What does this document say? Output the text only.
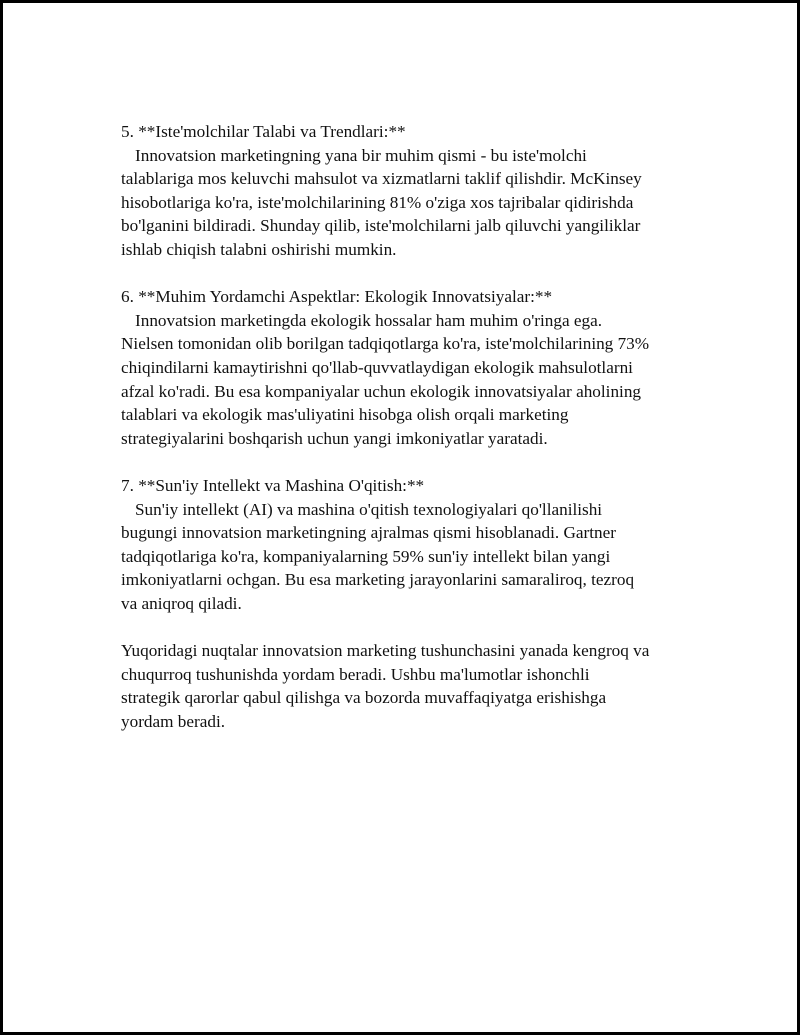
5. **Iste'molchilar Talabi va Trendlari:**
Innovatsion marketingning yana bir muhim qismi - bu iste'molchi
talablariga mos keluvchi mahsulot va xizmatlarni taklif qilishdir. McKinsey
hisobotlariga ko'ra, iste'molchilarining 81% o'ziga xos tajribalar qidirishda
bo'lganini bildiradi. Shunday qilib, iste'molchilarni jalb qiluvchi yangiliklar
ishlab chiqish talabni oshirishi mumkin.
6. **Muhim Yordamchi Aspektlar: Ekologik Innovatsiyalar:**
Innovatsion marketingda ekologik hossalar ham muhim o'ringa ega.
Nielsen tomonidan olib borilgan tadqiqotlarga ko'ra, iste'molchilarining 73%
chiqindilarni kamaytirishni qo'llab-quvvatlaydigan ekologik mahsulotlarni
afzal ko'radi. Bu esa kompaniyalar uchun ekologik innovatsiyalar aholining
talablari va ekologik mas'uliyatini hisobga olish orqali marketing
strategiyalarini boshqarish uchun yangi imkoniyatlar yaratadi.
7. **Sun'iy Intellekt va Mashina O'qitish:**
Sun'iy intellekt (AI) va mashina o'qitish texnologiyalari qo'llanilishi
bugungi innovatsion marketingning ajralmas qismi hisoblanadi. Gartner
tadqiqotlariga ko'ra, kompaniyalarning 59% sun'iy intellekt bilan yangi
imkoniyatlarni ochgan. Bu esa marketing jarayonlarini samaraliroq, tezroq
va aniqroq qiladi.
Yuqoridagi nuqtalar innovatsion marketing tushunchasini yanada kengroq va
chuqurroq tushunishda yordam beradi. Ushbu ma'lumotlar ishonchli
strategik qarorlar qabul qilishga va bozorda muvaffaqiyatga erishishga
yordam beradi.
